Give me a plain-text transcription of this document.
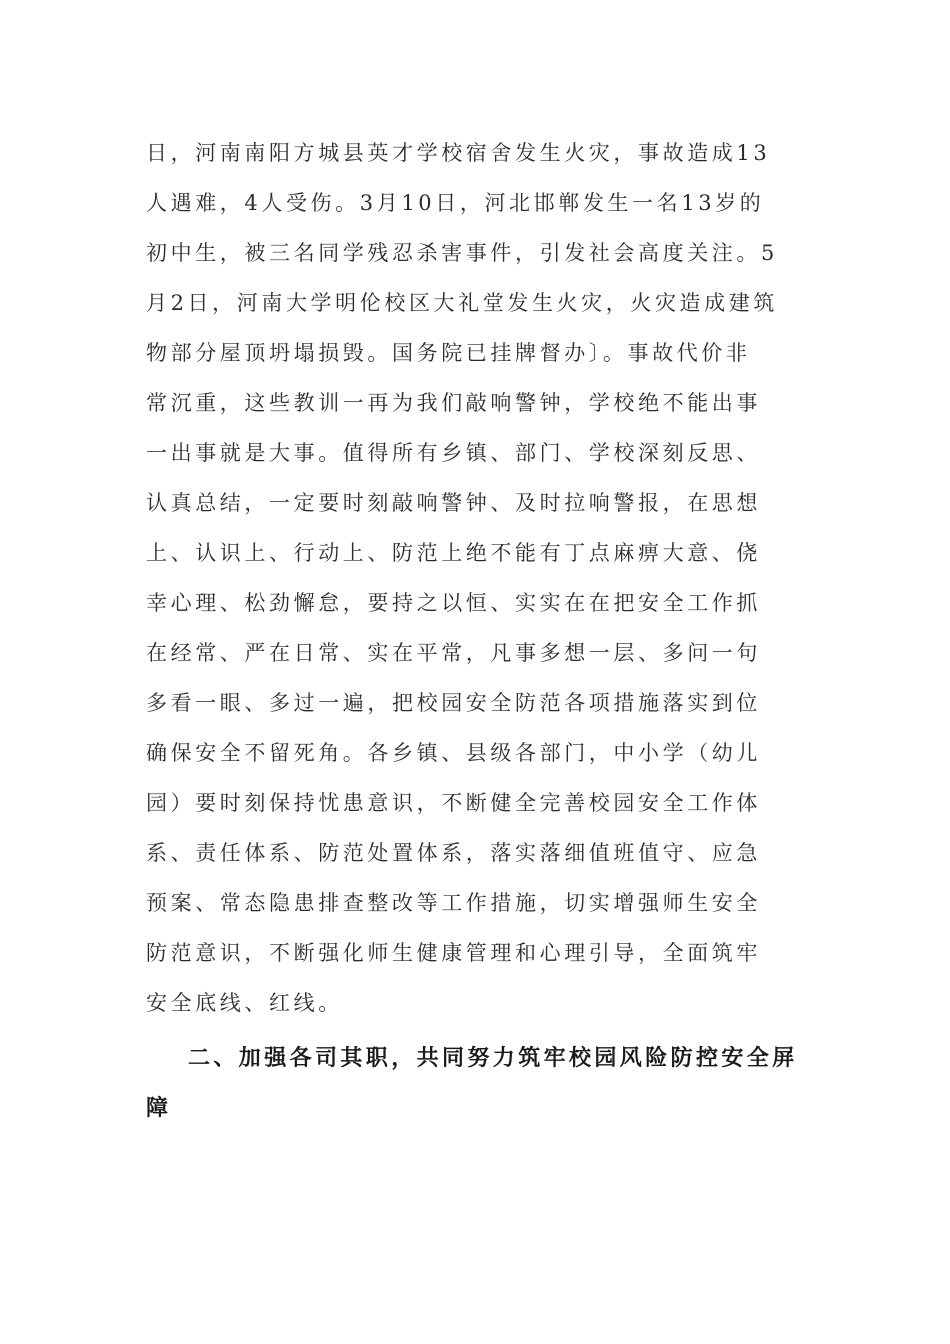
日，河南南阳方城县英才学校宿舍发生火灾，事故造成13
人遇难，4人受伤。3月10日，河北邯郸发生一名13岁的
初中生，被三名同学残忍杀害事件，引发社会高度关注。5
月2日，河南大学明伦校区大礼堂发生火灾，火灾造成建筑
物部分屋顶坍塌损毁。国务院已挂牌督办〕。事故代价非
常沉重，这些教训一再为我们敲响警钟，学校绝不能出事
一出事就是大事。值得所有乡镇、部门、学校深刻反思、
认真总结，一定要时刻敲响警钟、及时拉响警报，在思想
上、认识上、行动上、防范上绝不能有丁点麻痹大意、侥
幸心理、松劲懈怠，要持之以恒、实实在在把安全工作抓
在经常、严在日常、实在平常，凡事多想一层、多问一句
多看一眼、多过一遍，把校园安全防范各项措施落实到位
确保安全不留死角。各乡镇、县级各部门，中小学（幼儿
园）要时刻保持忧患意识，不断健全完善校园安全工作体
系、责任体系、防范处置体系，落实落细值班值守、应急
预案、常态隐患排查整改等工作措施，切实增强师生安全
防范意识，不断强化师生健康管理和心理引导，全面筑牢
安全底线、红线。
二、加强各司其职，共同努力筑牢校园风险防控安全屏
障
